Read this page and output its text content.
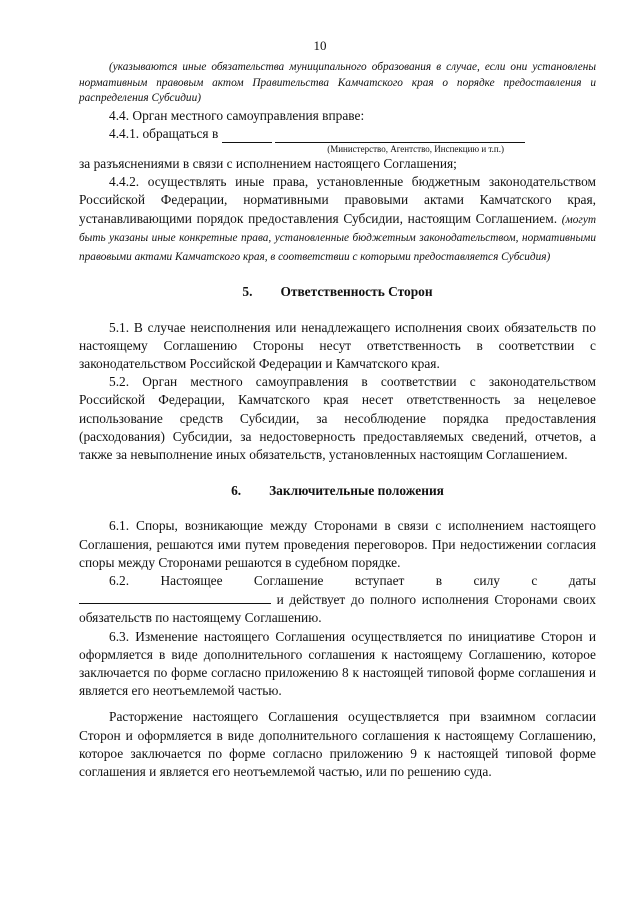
10

(указываются иные обязательства муниципального образования в случае, если они установлены нормативным правовым актом Правительства Камчатского края о порядке предоставления и распределения Субсидии)

4.4. Орган местного самоуправления вправе:

4.4.1. обращаться в
(Министерство, Агентство, Инспекцию и т.п.)

за разъяснениями в связи с исполнением настоящего Соглашения;

4.4.2. осуществлять иные права, установленные бюджетным законодательством Российской Федерации, нормативными правовыми актами Камчатского края, устанавливающими порядок предоставления Субсидии, настоящим Соглашением. (могут быть указаны иные конкретные права, установленные бюджетным законодательством, нормативными правовыми актами Камчатского края, в соответствии с которыми предоставляется Субсидия)

5. Ответственность Сторон

5.1. В случае неисполнения или ненадлежащего исполнения своих обязательств по настоящему Соглашению Стороны несут ответственность в соответствии с законодательством Российской Федерации и Камчатского края.

5.2. Орган местного самоуправления в соответствии с законодательством Российской Федерации, Камчатского края несет ответственность за нецелевое использование средств Субсидии, за несоблюдение порядка предоставления (расходования) Субсидии, за недостоверность предоставляемых сведений, отчетов, а также за невыполнение иных обязательств, установленных настоящим Соглашением.

6. Заключительные положения

6.1. Споры, возникающие между Сторонами в связи с исполнением настоящего Соглашения, решаются ими путем проведения переговоров. При недостижении согласия споры между Сторонами решаются в судебном порядке.

6.2. Настоящее Соглашение вступает в силу с даты

и действует до полного исполнения Сторонами своих обязательств по настоящему Соглашению.

6.3. Изменение настоящего Соглашения осуществляется по инициативе Сторон и оформляется в виде дополнительного соглашения к настоящему Соглашению, которое заключается по форме согласно приложению 8 к настоящей типовой форме соглашения и является его неотъемлемой частью.

Расторжение настоящего Соглашения осуществляется при взаимном согласии Сторон и оформляется в виде дополнительного соглашения к настоящему Соглашению, которое заключается по форме согласно приложению 9 к настоящей типовой форме соглашения и является его неотъемлемой частью, или по решению суда.
